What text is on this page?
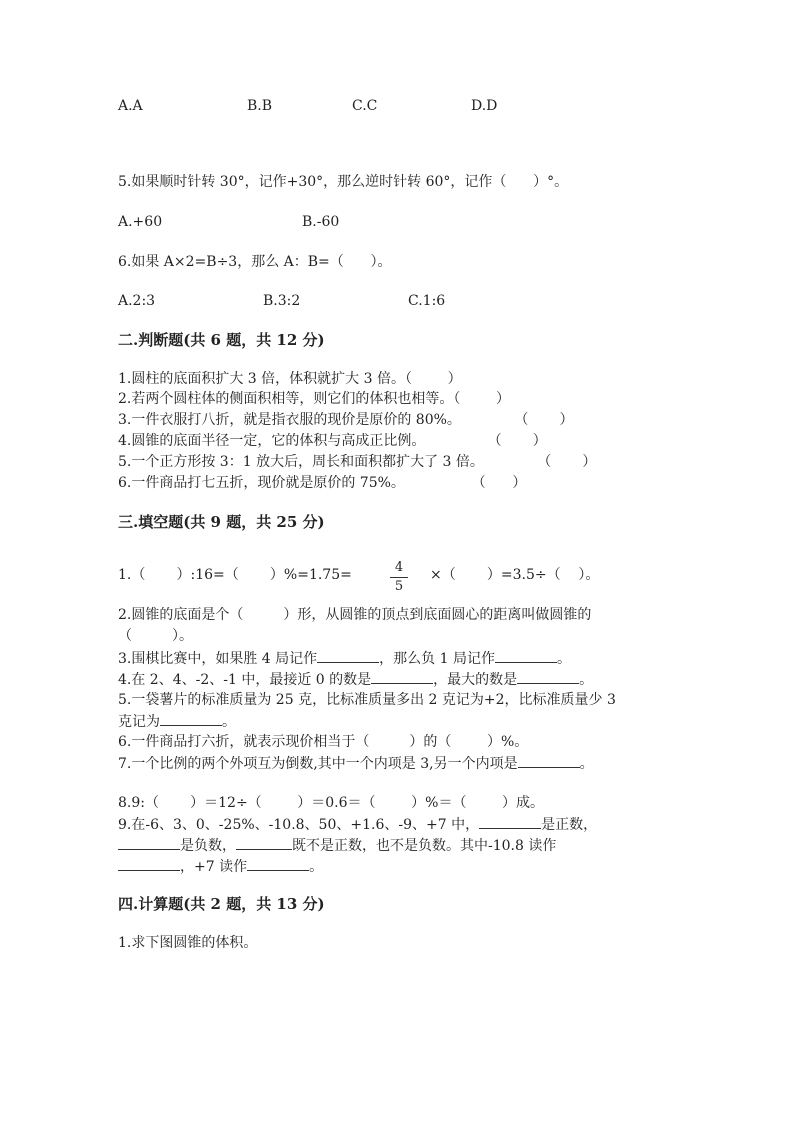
A.A	B.B	C.C	D.D
5.如果顺时针转 30°，记作+30°，那么逆时针转 60°，记作（      ）°。
A.+60	B.-60
6.如果 A×2=B÷3，那么 A：B=（      ）。
A.2:3	B.3:2	C.1:6
二.判断题(共 6 题，共 12 分)
1.圆柱的底面积扩大 3 倍，体积就扩大 3 倍。（        ）
2.若两个圆柱体的侧面积相等，则它们的体积也相等。（        ）
3.一件衣服打八折，就是指衣服的现价是原价的 80%。            （       ）
4.圆锥的底面半径一定，它的体积与高成正比例。              （       ）
5.一个正方形按 3：1 放大后，周长和面积都扩大了 3 倍。            （       ）
6.一件商品打七五折，现价就是原价的 75%。               （      ）
三.填空题(共 9 题，共 25 分)
1.（       ）:16=（       ）%=1.75=	4
5
×（       ）=3.5÷（    ）。
2.圆锥的底面是个（         ）形，从圆锥的顶点到底面圆心的距离叫做圆锥的
（         ）。
3.围棋比赛中，如果胜 4 局记作	，那么负 1 局记作	。
4.在 2、4、-2、-1 中，最接近 0 的数是	，最大的数是	。
5.一袋薯片的标准质量为 25 克，比标准质量多出 2 克记为+2，比标准质量少 3
克记为	。
6.一件商品打六折，就表示现价相当于（         ）的（        ）%。
7.一个比例的两个外项互为倒数,其中一个内项是 3,另一个内项是	。
8.9:（       ）＝12÷（        ）＝0.6＝（        ）%＝（        ）成。
9.在-6、3、0、-25%、-10.8、50、+1.6、-9、+7 中，	是正数，
是负数，	既不是正数，也不是负数。其中-10.8 读作
，+7 读作	。
四.计算题(共 2 题，共 13 分)
1.求下图圆锥的体积。
